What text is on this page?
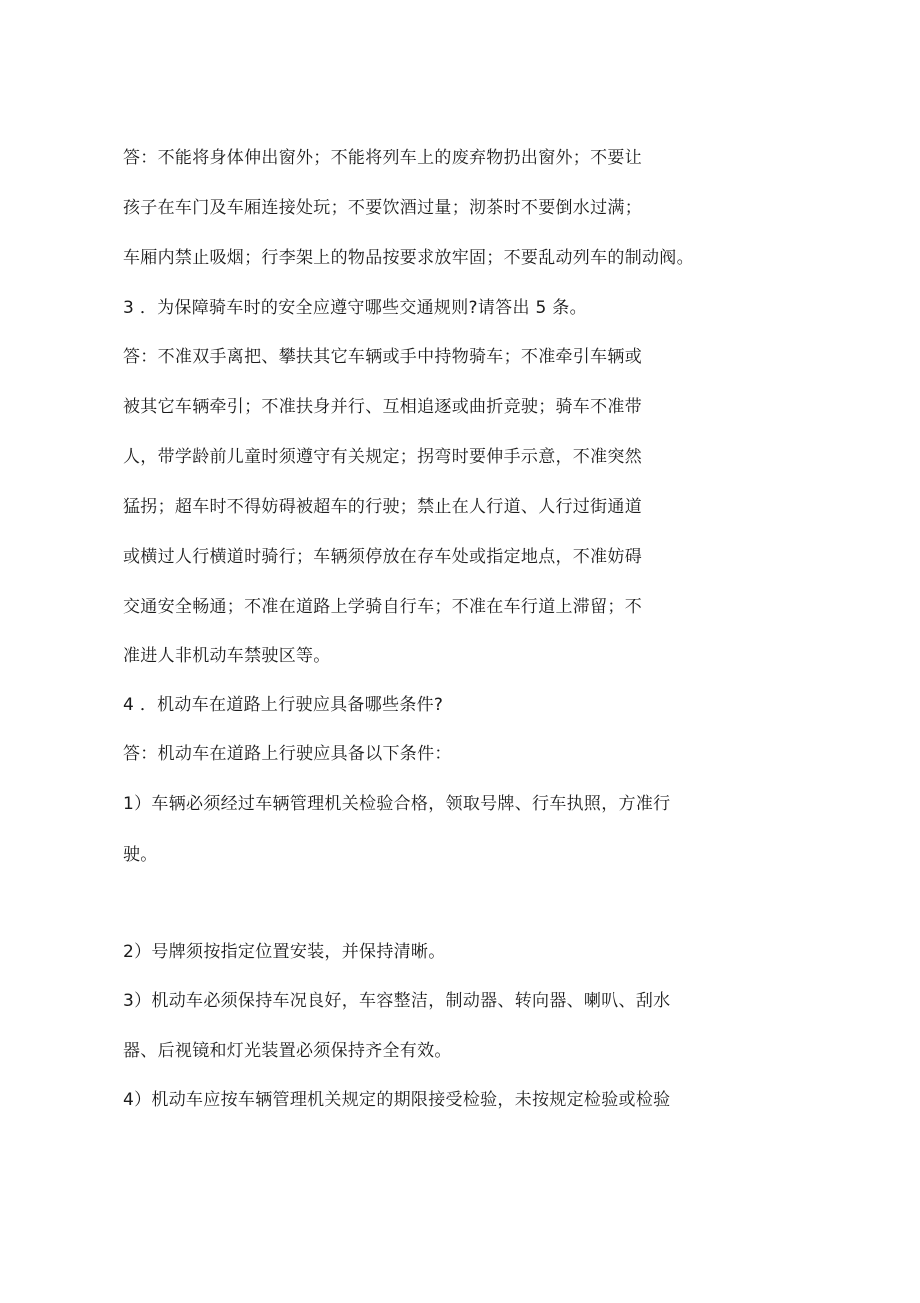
答：不能将身体伸出窗外；不能将列车上的废弃物扔出窗外；不要让
孩子在车门及车厢连接处玩；不要饮酒过量；沏茶时不要倒水过满；
车厢内禁止吸烟；行李架上的物品按要求放牢固；不要乱动列车的制动阀。
3 ．为保障骑车时的安全应遵守哪些交通规则?请答出 5 条。
答：不准双手离把、攀扶其它车辆或手中持物骑车；不准牵引车辆或
被其它车辆牵引；不准扶身并行、互相追逐或曲折竞驶；骑车不准带
人，带学龄前儿童时须遵守有关规定；拐弯时要伸手示意，不准突然
猛拐；超车时不得妨碍被超车的行驶；禁止在人行道、人行过街通道
或横过人行横道时骑行；车辆须停放在存车处或指定地点，不准妨碍
交通安全畅通；不准在道路上学骑自行车；不准在车行道上滞留；不
准进人非机动车禁驶区等。
4 ．机动车在道路上行驶应具备哪些条件?
答：机动车在道路上行驶应具备以下条件：
1）车辆必须经过车辆管理机关检验合格，领取号牌、行车执照，方准行
驶。
2）号牌须按指定位置安装，并保持清晰。
3）机动车必须保持车况良好，车容整洁，制动器、转向器、喇叭、刮水
器、后视镜和灯光装置必须保持齐全有效。
4）机动车应按车辆管理机关规定的期限接受检验，未按规定检验或检验
